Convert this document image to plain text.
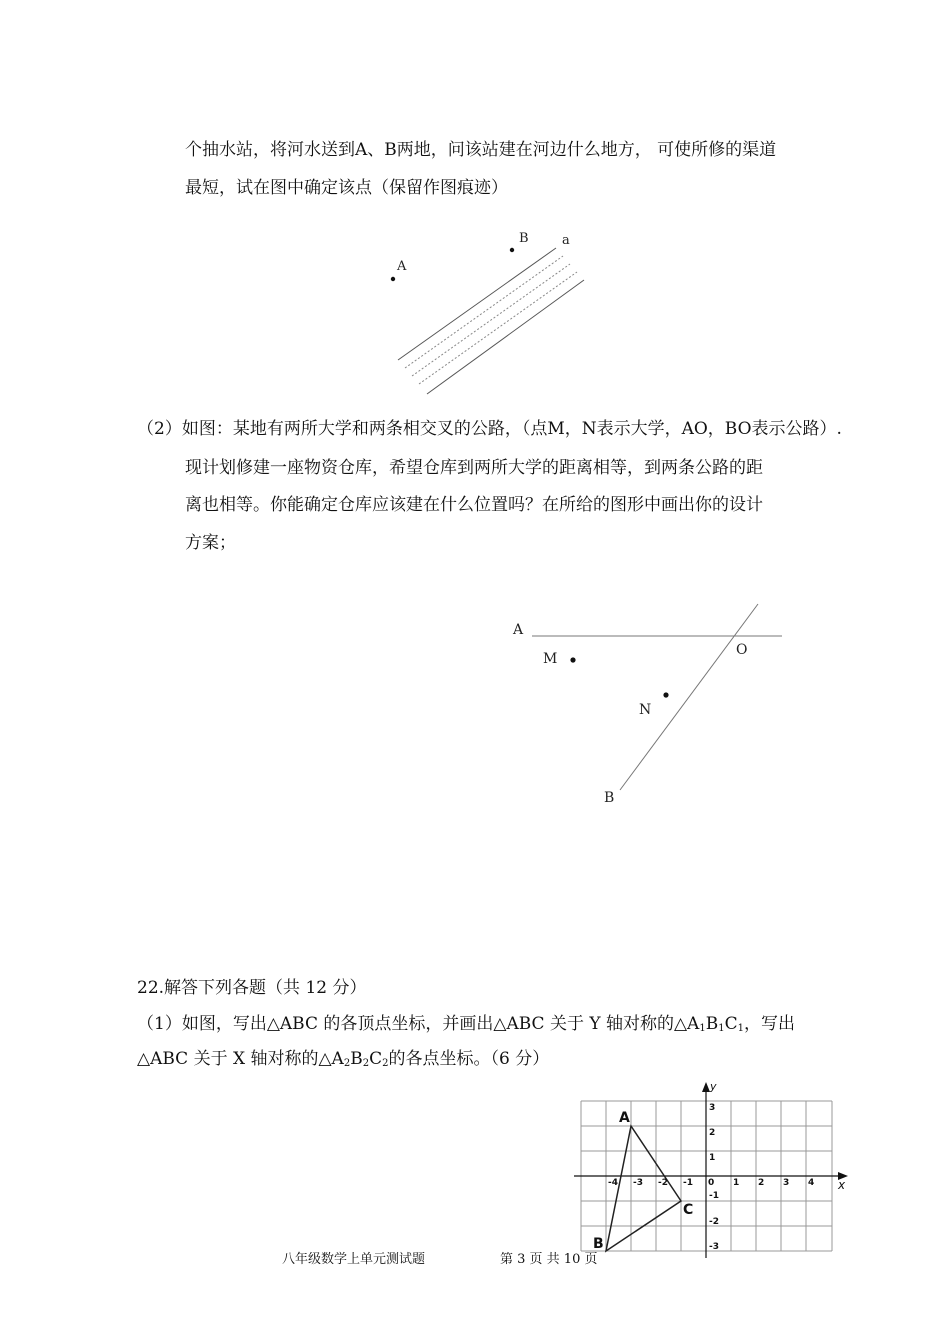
个抽水站，将河水送到A、B两地，问该站建在河边什么地方， 可使所修的渠道
最短，试在图中确定该点（保留作图痕迹）
A
B	a
（2）如图：某地有两所大学和两条相交叉的公路，（点M，N表示大学，AO，BO表示公路）.
现计划修建一座物资仓库，希望仓库到两所大学的距离相等，到两条公路的距
离也相等。你能确定仓库应该建在什么位置吗？在所给的图形中画出你的设计
方案；
A
M
O
N
B
22.解答下列各题（共 12 分）
（1）如图，写出△ABC 的各顶点坐标，并画出△ABC 关于 Y 轴对称的$\triangle A_1B_1C_1$，写出
△ABC 关于 X 轴对称的$\triangle A_2B_2C_2$的各点坐标。（6 分）
y
x
A
B
C
-4 -3 -2 -1 0 1 2 3 4
3
2
1
-1
-2
-3
八年级数学上单元测试题	第 3 页 共 10 页
